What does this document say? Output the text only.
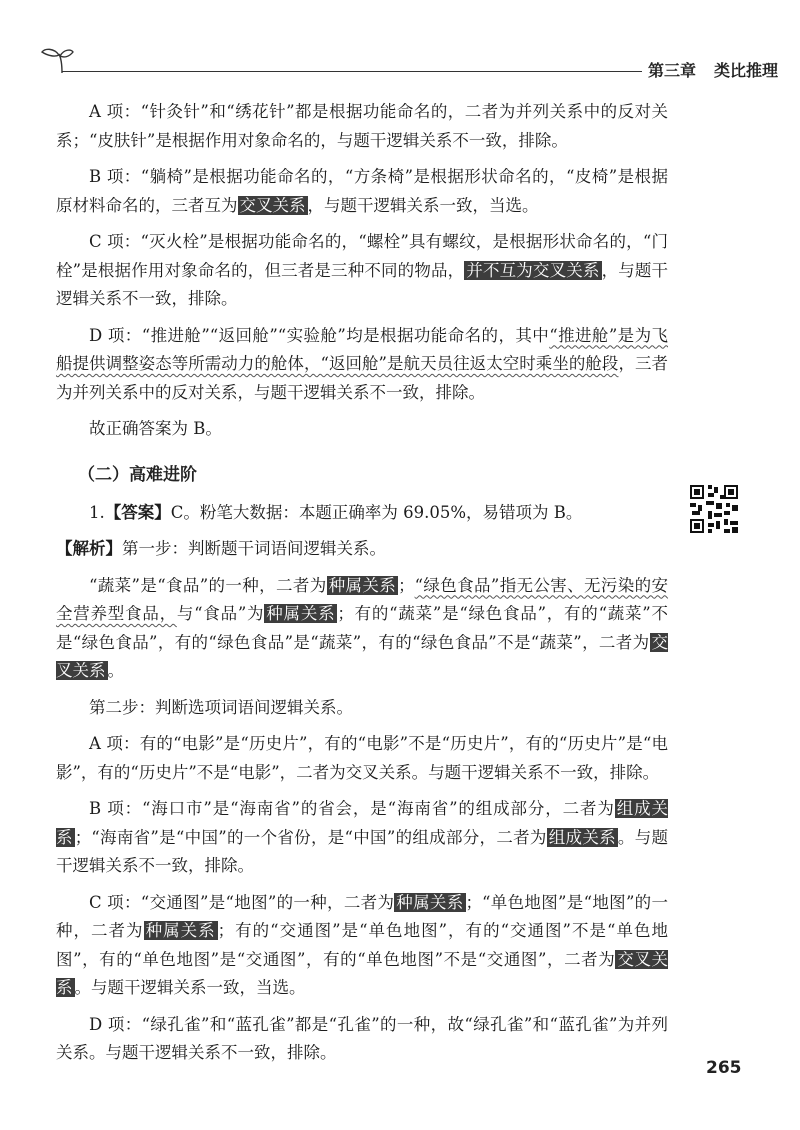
第三章 类比推理

A 项：“针灸针”和“绣花针”都是根据功能命名的，二者为并列关系中的反对关系；“皮肤针”是根据作用对象命名的，与题干逻辑关系不一致，排除。

B 项：“躺椅”是根据功能命名的，“方条椅”是根据形状命名的，“皮椅”是根据原材料命名的，三者互为 交叉关系 ，与题干逻辑关系一致，当选。

C 项：“灭火栓”是根据功能命名的，“螺栓”具有螺纹，是根据形状命名的，“门栓”是根据作用对象命名的，但三者是三种不同的物品， 并不互为交叉关系 ，与题干逻辑关系不一致，排除。

D 项：“推进舱”“返回舱”“实验舱”均是根据功能命名的，其中“推进舱”是为飞船提供调整姿态等所需动力的舱体，“返回舱”是航天员往返太空时乘坐的舱段，三者为并列关系中的反对关系，与题干逻辑关系不一致，排除。

故正确答案为 B。

（二）高难进阶

1.【答案】C。粉笔大数据：本题正确率为 69.05%，易错项为 B。

【解析】第一步：判断题干词语间逻辑关系。

“蔬菜”是“食品”的一种，二者为 种属关系 ；“绿色食品”指无公害、无污染的安全营养型食品，与“食品”为 种属关系 ；有的“蔬菜”是“绿色食品”，有的“蔬菜”不是“绿色食品”，有的“绿色食品”是“蔬菜”，有的“绿色食品”不是“蔬菜”，二者为 交叉关系 。

第二步：判断选项词语间逻辑关系。

A 项：有的“电影”是“历史片”，有的“电影”不是“历史片”，有的“历史片”是“电影”，有的“历史片”不是“电影”，二者为交叉关系。与题干逻辑关系不一致，排除。

B 项：“海口市”是“海南省”的省会，是“海南省”的组成部分，二者为 组成关系 ；“海南省”是“中国”的一个省份，是“中国”的组成部分，二者为 组成关系 。与题干逻辑关系不一致，排除。

C 项：“交通图”是“地图”的一种，二者为 种属关系 ；“单色地图”是“地图”的一种，二者为 种属关系 ；有的“交通图”是“单色地图”，有的“交通图”不是“单色地图”，有的“单色地图”是“交通图”，有的“单色地图”不是“交通图”，二者为 交叉关系 。与题干逻辑关系一致，当选。

D 项：“绿孔雀”和“蓝孔雀”都是“孔雀”的一种，故“绿孔雀”和“蓝孔雀”为并列关系。与题干逻辑关系不一致，排除。

265
